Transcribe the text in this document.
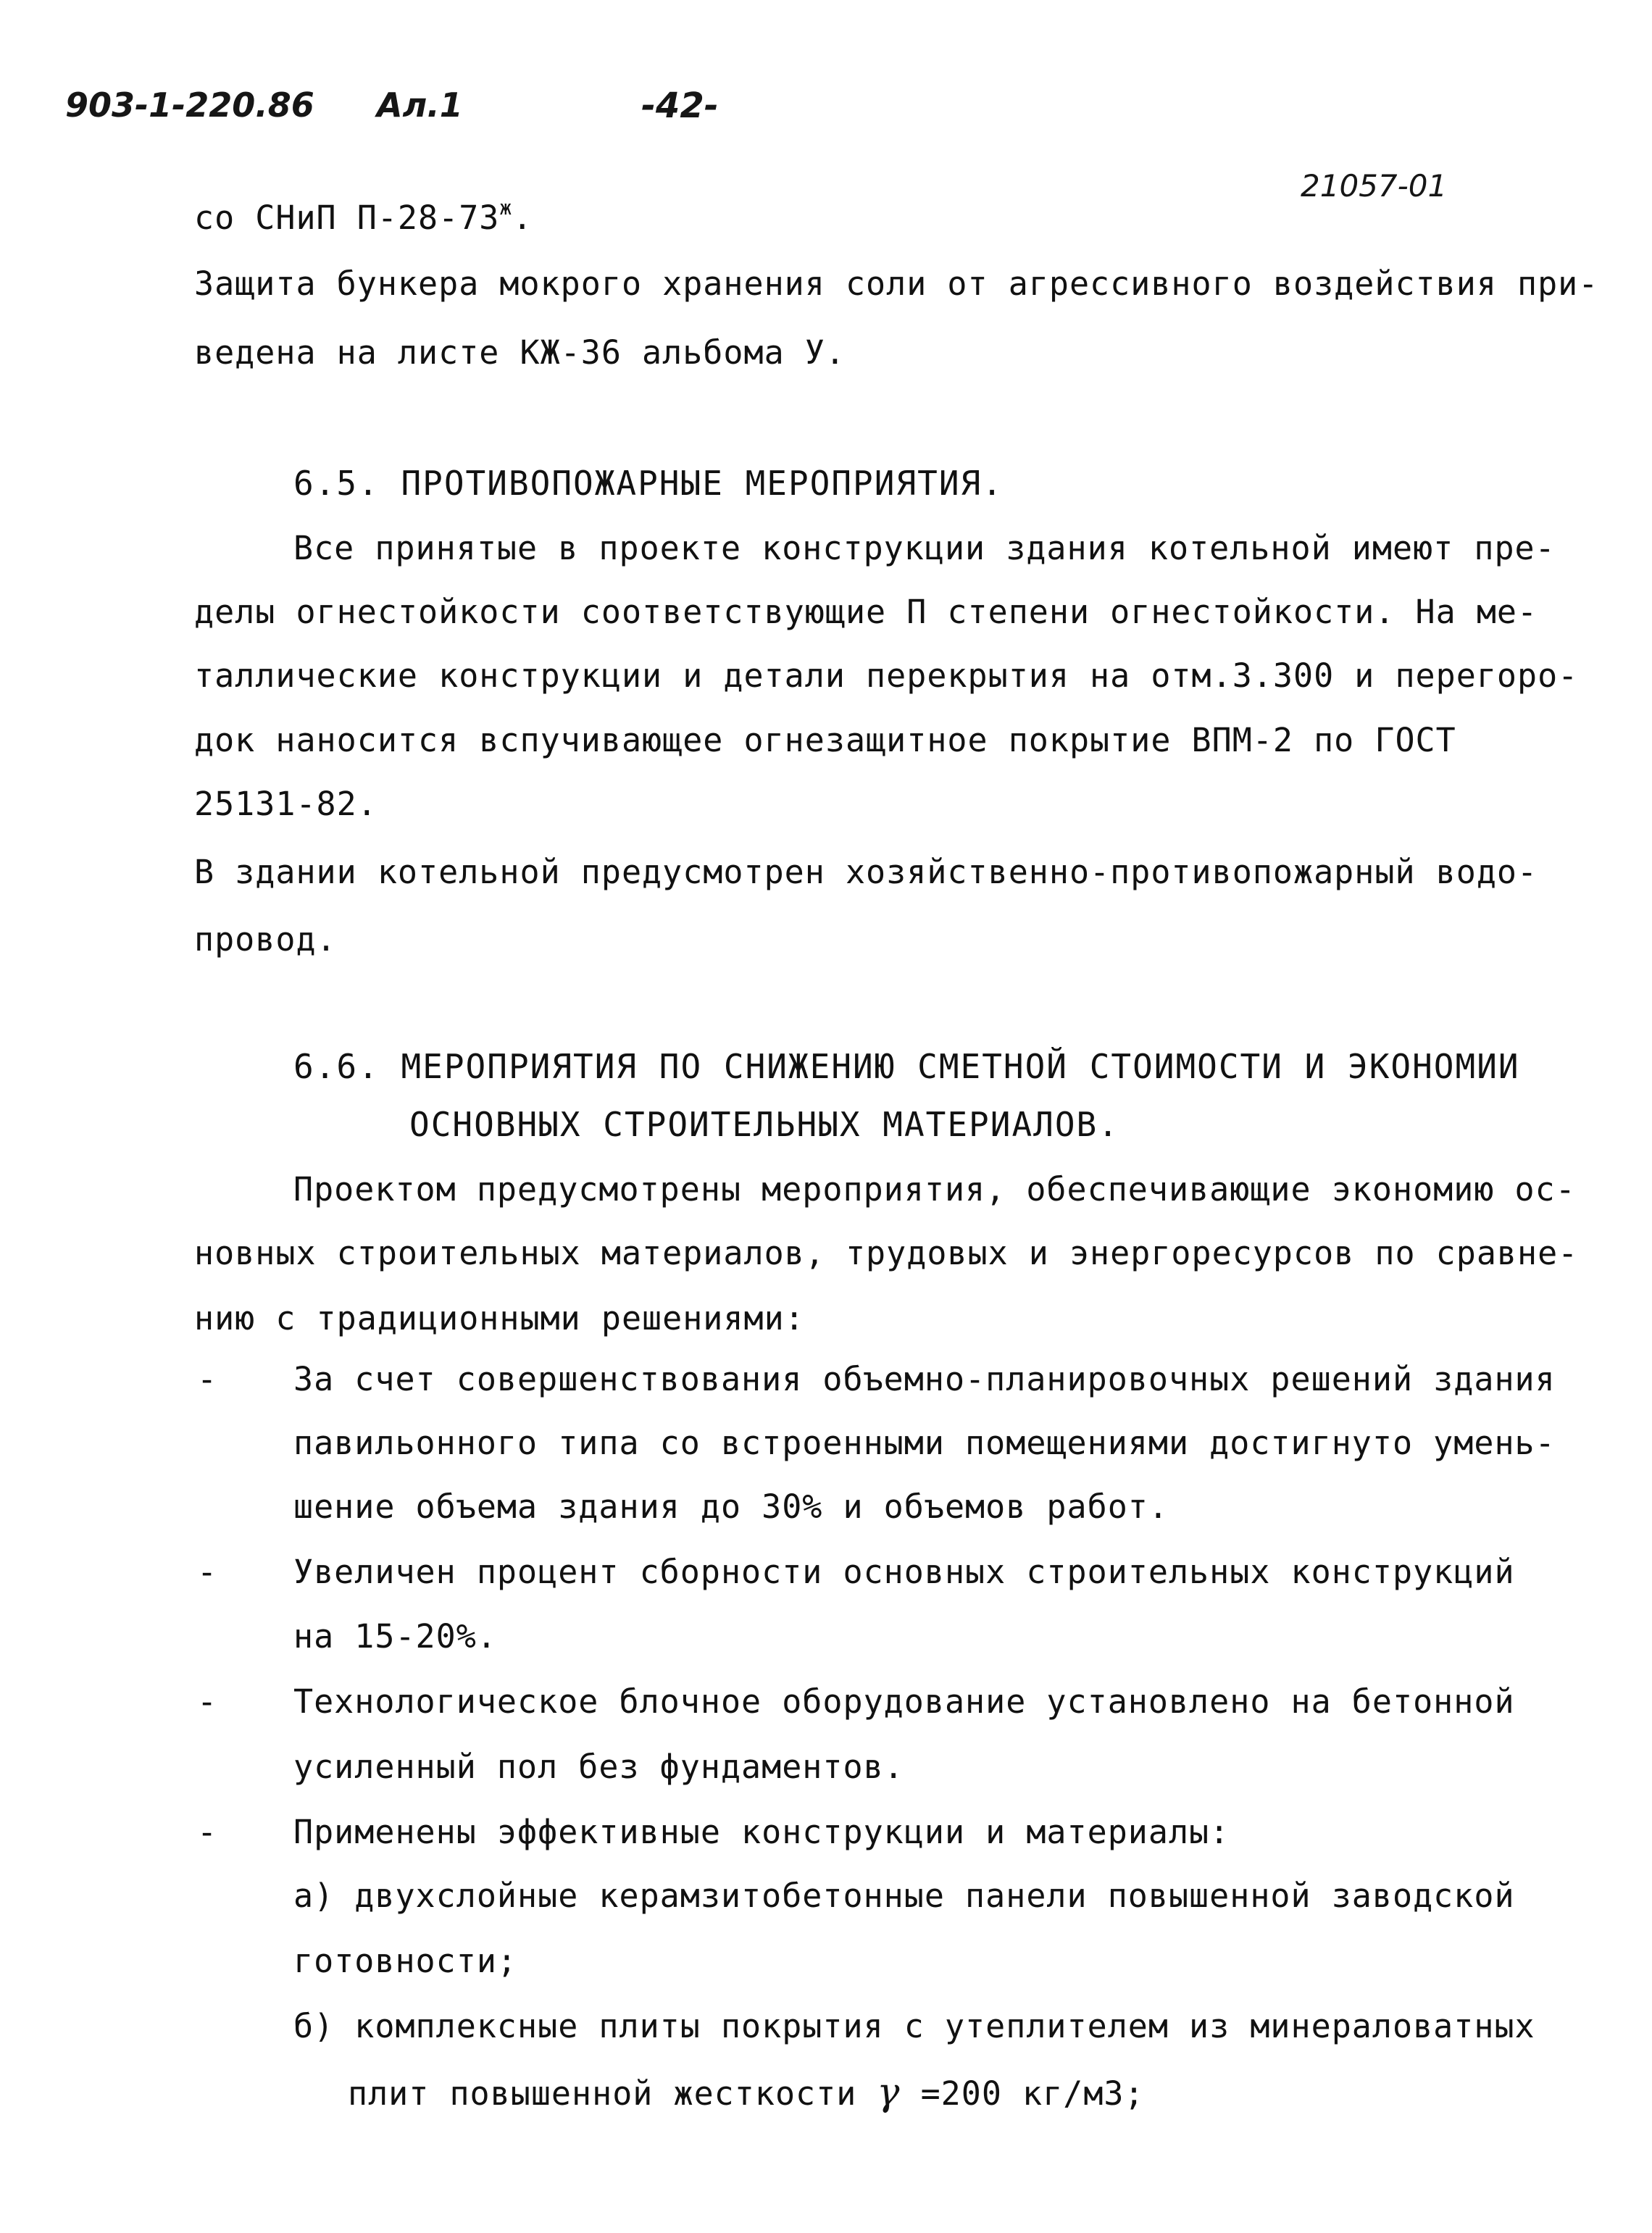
903-1-220.86 Ал.1	-42-

21057-01

со СНиП $П-28-73^ж$.

Защита бункера мокрого хранения соли от агрессивного воздействия при-

ведена на листе КЖ-36 альбома У.

6.5. ПРОТИВОПОЖАРНЫЕ МЕРОПРИЯТИЯ.

Все принятые в проекте конструкции здания котельной имеют пре-

делы огнестойкости соответствующие П степени огнестойкости. На ме-

таллические конструкции и детали перекрытия на отм.3.300 и перегоро-

док наносится вспучивающее огнезащитное покрытие ВПМ-2 по ГОСТ

25131-82.

В здании котельной предусмотрен хозяйственно-противопожарный водо-

провод.

6.6. МЕРОПРИЯТИЯ ПО СНИЖЕНИЮ СМЕТНОЙ СТОИМОСТИ И ЭКОНОМИИ

ОСНОВНЫХ СТРОИТЕЛЬНЫХ МАТЕРИАЛОВ.

Проектом предусмотрены мероприятия, обеспечивающие экономию ос-

новных строительных материалов, трудовых и энергоресурсов по сравне-

нию с традиционными решениями:

- За счет совершенствования объемно-планировочных решений здания

павильонного типа со встроенными помещениями достигнуто умень-

шение объема здания до 30% и объемов работ.

- Увеличен процент сборности основных строительных конструкций

на 15-20%.

- Технологическое блочное оборудование установлено на бетонной

усиленный пол без фундаментов.

- Применены эффективные конструкции и материалы:

а) двухслойные керамзитобетонные панели повышенной заводской

готовности;

б) комплексные плиты покрытия с утеплителем из минераловатных

плит повышенной жесткости γ =200 кг/м3;
